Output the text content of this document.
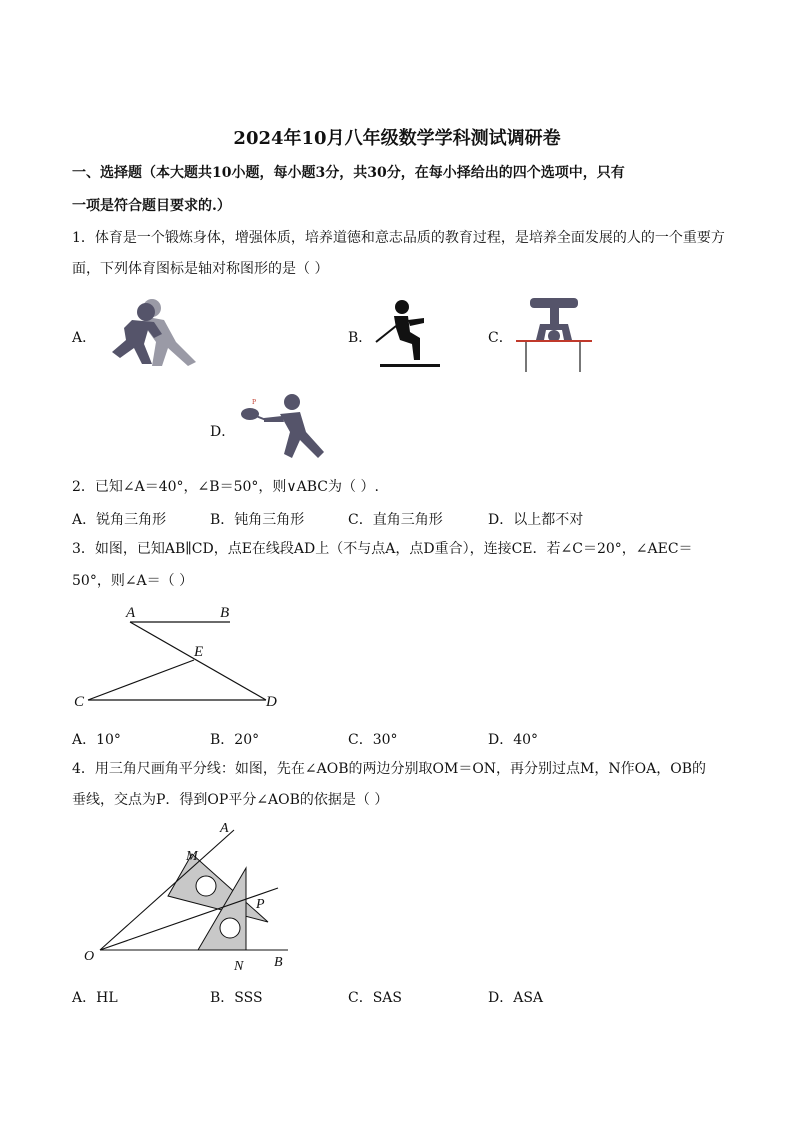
2024年10月八年级数学学科测试调研卷
一、选择题（本大题共10小题，每小题3分，共30分，在每小择给出的四个选项中，只有
一项是符合题目要求的.）
1．体育是一个锻炼身体，增强体质，培养道德和意志品质的教育过程，是培养全面发展的人的一个重要方
面，下列体育图标是轴对称图形的是（ ）
A．	B．	C．
D．
P
2．已知∠A＝40°，∠B＝50°，则∨ABC为（ ）.
A．锐角三角形	B．钝角三角形	C．直角三角形	D．以上都不对
3．如图，已知AB∥CD，点E在线段AD上（不与点A，点D重合），连接CE．若∠C＝20°，∠AEC＝
50°，则∠A＝（ ）
A	B
C	D
E
A．10°	B．20°	C．30°	D．40°
4．用三角尺画角平分线：如图，先在∠AOB的两边分别取OM＝ON，再分别过点M，N作OA，OB的
垂线，交点为P．得到OP平分∠AOB的依据是（ ）
A
M
P
O
N B
A．HL	B．SSS	C．SAS	D．ASA
